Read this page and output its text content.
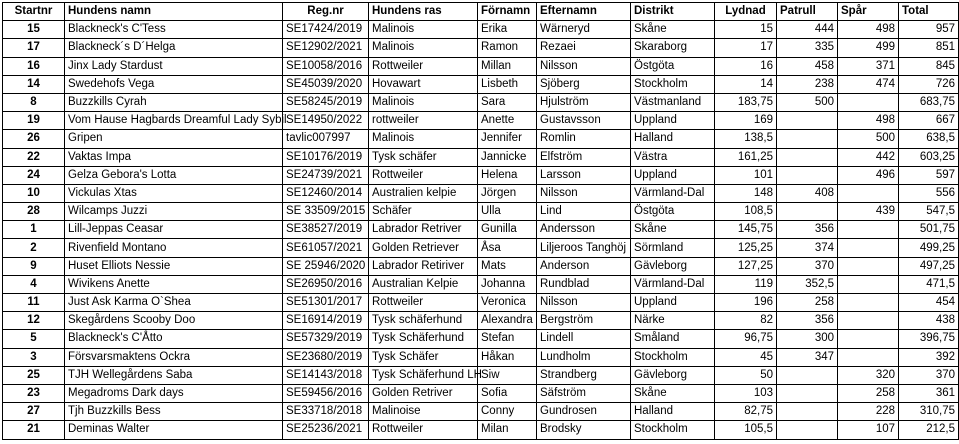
Startnr	Hundens namn	Reg.nr	Hundens ras	Förnamn	Efternamn	Distrikt	Lydnad	Patrull	Spår	Total
15	Blackneck's C'Tess	SE17424/2019	Malinois	Erika	Wärneryd	Skåne	15	444	498	957
17	Blackneck´s D´Helga	SE12902/2021	Malinois	Ramon	Rezaei	Skaraborg	17	335	499	851
16	Jinx Lady Stardust	SE10058/2016	Rottweiler	Millan	Nilsson	Östgöta	16	458	371	845
14	Swedehofs Vega	SE45039/2020	Hovawart	Lisbeth	Sjöberg	Stockholm	14	238	474	726
8	Buzzkills Cyrah	SE58245/2019	Malinois	Sara	Hjulström	Västmanland	183,75	500		683,75
19	Vom Hause Hagbards Dreamful Lady Sybil	SE14950/2022	rottweiler	Anette	Gustavsson	Uppland	169		498	667
26	Gripen	tavlic007997	Malinois	Jennifer	Romlin	Halland	138,5		500	638,5
22	Vaktas Impa	SE10176/2019	Tysk schäfer	Jannicke	Elfström	Västra	161,25		442	603,25
24	Gelza Gebora's Lotta	SE24739/2021	Rottweiler	Helena	Larsson	Uppland	101		496	597
10	Vickulas Xtas	SE12460/2014	Australien kelpie	Jörgen	Nilsson	Värmland-Dal	148	408		556
28	Wilcamps Juzzi	SE 33509/2015	Schäfer	Ulla	Lind	Östgöta	108,5		439	547,5
1	Lill-Jeppas Ceasar	SE38527/2019	Labrador Retriver	Gunilla	Andersson	Skåne	145,75	356		501,75
2	Rivenfield Montano	SE61057/2021	Golden Retriever	Åsa	Liljeroos Tanghöj	Sörmland	125,25	374		499,25
9	Huset Elliots Nessie	SE 25946/2020	Labrador Retiriver	Mats	Anderson	Gävleborg	127,25	370		497,25
4	Wivikens Anette	SE26950/2016	Australian Kelpie	Johanna	Rundblad	Värmland-Dal	119	352,5		471,5
11	Just Ask Karma O`Shea	SE51301/2017	Rottweiler	Veronica	Nilsson	Uppland	196	258		454
12	Skegårdens Scooby Doo	SE16914/2019	Tysk schäferhund	Alexandra	Bergström	Närke	82	356		438
5	Blackneck's C'Åtto	SE57329/2019	Tysk Schäferhund	Stefan	Lindell	Småland	96,75	300		396,75
3	Försvarsmaktens Ockra	SE23680/2019	Tysk Schäfer	Håkan	Lundholm	Stockholm	45	347		392
25	TJH Wellegårdens Saba	SE14143/2018	Tysk Schäferhund LH	Siw	Strandberg	Gävleborg	50		320	370
23	Megadroms Dark days	SE59456/2016	Golden Retriver	Sofia	Säfström	Skåne	103		258	361
27	Tjh Buzzkills Bess	SE33718/2018	Malinoise	Conny	Gundrosen	Halland	82,75		228	310,75
21	Deminas Walter	SE25236/2021	Rottweiler	Milan	Brodsky	Stockholm	105,5		107	212,5
